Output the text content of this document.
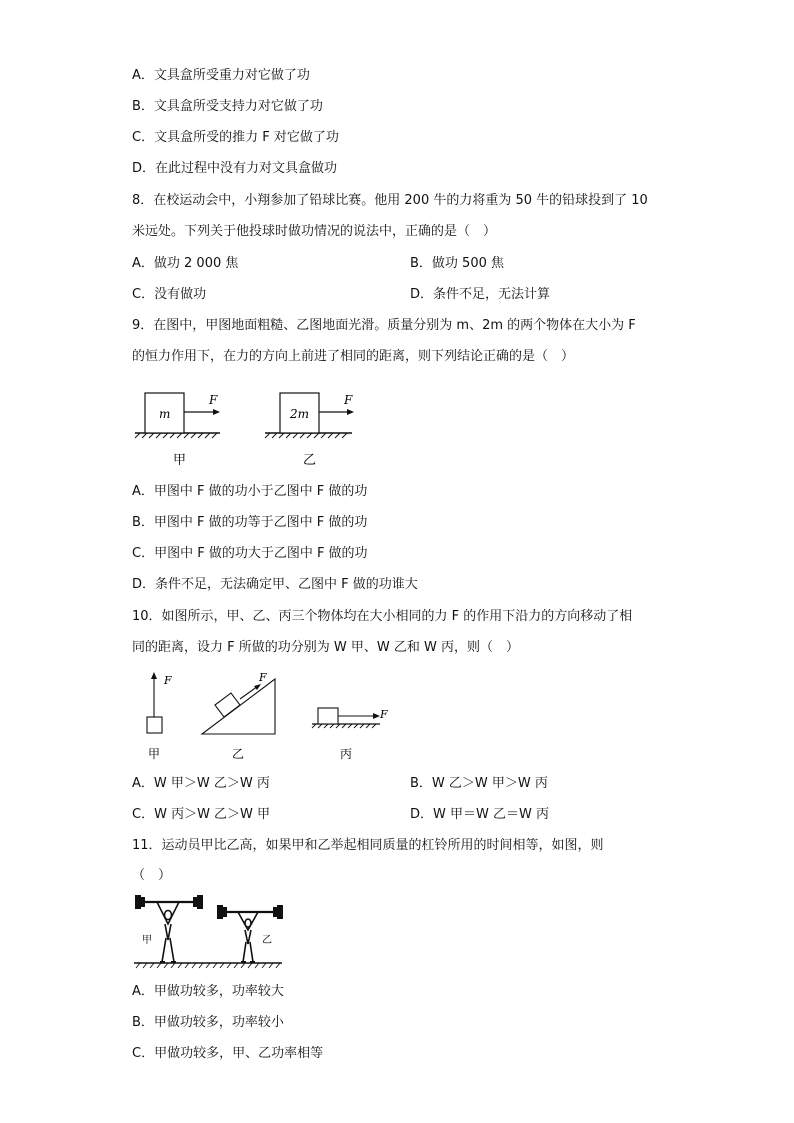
A．文具盒所受重力对它做了功
B．文具盒所受支持力对它做了功
C．文具盒所受的推力 F 对它做了功
D．在此过程中没有力对文具盒做功
8．在校运动会中，小翔参加了铅球比赛。他用 200 牛的力将重为 50 牛的铅球投到了 10
米远处。下列关于他投球时做功情况的说法中，正确的是（　）
A．做功 2 000 焦	B．做功 500 焦
C．没有做功	D．条件不足，无法计算
9．在图中，甲图地面粗糙、乙图地面光滑。质量分别为 m、2m 的两个物体在大小为 F
的恒力作用下，在力的方向上前进了相同的距离，则下列结论正确的是（　）
m
F
甲
2m
F
乙
A．甲图中 F 做的功小于乙图中 F 做的功
B．甲图中 F 做的功等于乙图中 F 做的功
C．甲图中 F 做的功大于乙图中 F 做的功
D．条件不足，无法确定甲、乙图中 F 做的功谁大
10．如图所示，甲、乙、丙三个物体均在大小相同的力 F 的作用下沿力的方向移动了相
同的距离，设力 F 所做的功分别为 W 甲、W 乙和 W 丙，则（　）
F
甲
F
乙
F
丙
A．W 甲＞W 乙＞W 丙	B．W 乙＞W 甲＞W 丙
C．W 丙＞W 乙＞W 甲	D．W 甲＝W 乙＝W 丙
11．运动员甲比乙高，如果甲和乙举起相同质量的杠铃所用的时间相等，如图，则
（　）
甲	乙
A．甲做功较多，功率较大
B．甲做功较多，功率较小
C．甲做功较多，甲、乙功率相等
